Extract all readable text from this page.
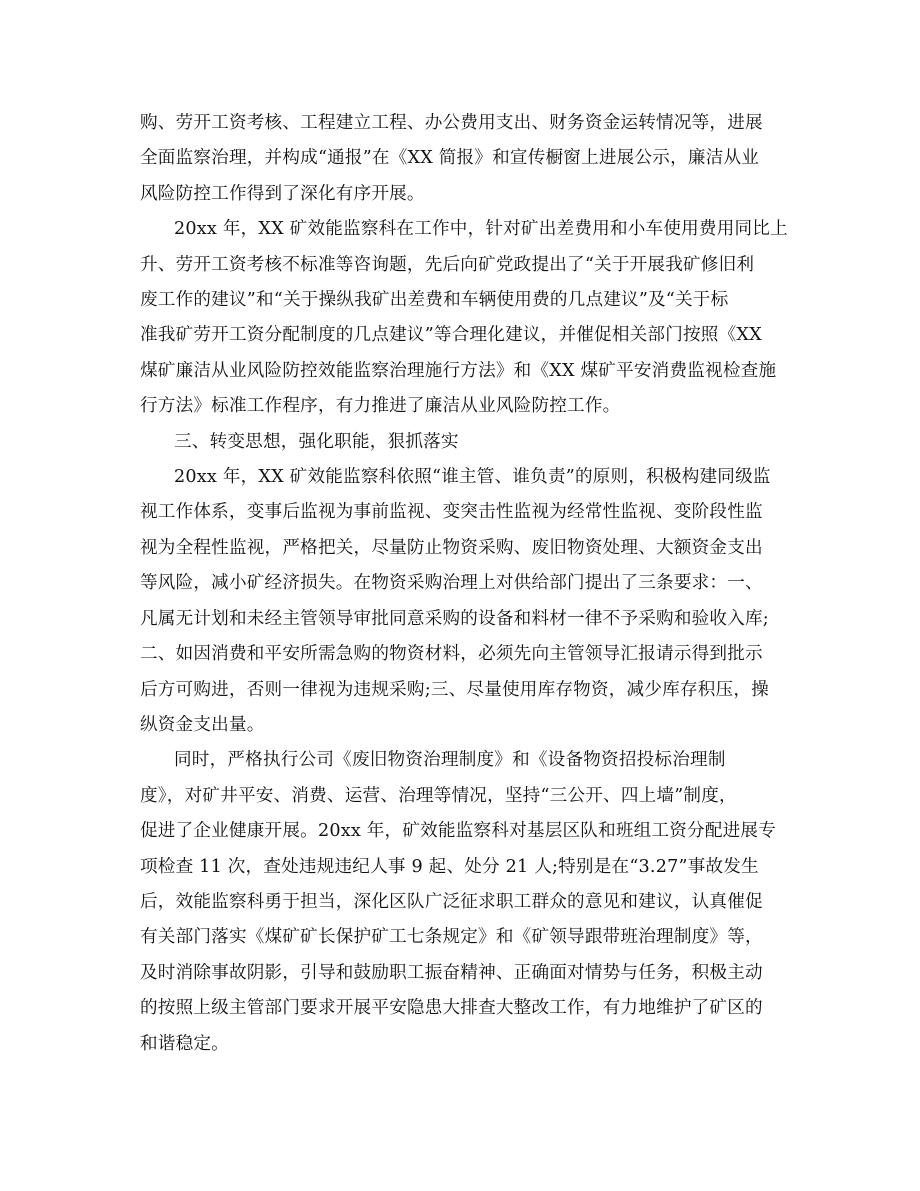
购、劳开工资考核、工程建立工程、办公费用支出、财务资金运转情况等，进展
全面监察治理，并构成“通报”在《XX 简报》和宣传橱窗上进展公示，廉洁从业
风险防控工作得到了深化有序开展。

20xx 年，XX 矿效能监察科在工作中，针对矿出差费用和小车使用费用同比上
升、劳开工资考核不标准等咨询题，先后向矿党政提出了“关于开展我矿修旧利
废工作的建议”和“关于操纵我矿出差费和车辆使用费的几点建议”及“关于标
准我矿劳开工资分配制度的几点建议”等合理化建议，并催促相关部门按照《XX
煤矿廉洁从业风险防控效能监察治理施行方法》和《XX 煤矿平安消费监视检查施
行方法》标准工作程序，有力推进了廉洁从业风险防控工作。

三、转变思想，强化职能，狠抓落实

20xx 年，XX 矿效能监察科依照“谁主管、谁负责”的原则，积极构建同级监
视工作体系，变事后监视为事前监视、变突击性监视为经常性监视、变阶段性监
视为全程性监视，严格把关，尽量防止物资采购、废旧物资处理、大额资金支出
等风险，减小矿经济损失。在物资采购治理上对供给部门提出了三条要求：一、
凡属无计划和未经主管领导审批同意采购的设备和料材一律不予采购和验收入库;
二、如因消费和平安所需急购的物资材料，必须先向主管领导汇报请示得到批示
后方可购进，否则一律视为违规采购;三、尽量使用库存物资，减少库存积压，操
纵资金支出量。

同时，严格执行公司《废旧物资治理制度》和《设备物资招投标治理制
度》，对矿井平安、消费、运营、治理等情况，坚持“三公开、四上墙”制度，
促进了企业健康开展。20xx 年，矿效能监察科对基层区队和班组工资分配进展专
项检查 11 次，查处违规违纪人事 9 起、处分 21 人;特别是在“3.27”事故发生
后，效能监察科勇于担当，深化区队广泛征求职工群众的意见和建议，认真催促
有关部门落实《煤矿矿长保护矿工七条规定》和《矿领导跟带班治理制度》等，
及时消除事故阴影，引导和鼓励职工振奋精神、正确面对情势与任务，积极主动
的按照上级主管部门要求开展平安隐患大排查大整改工作，有力地维护了矿区的
和谐稳定。
